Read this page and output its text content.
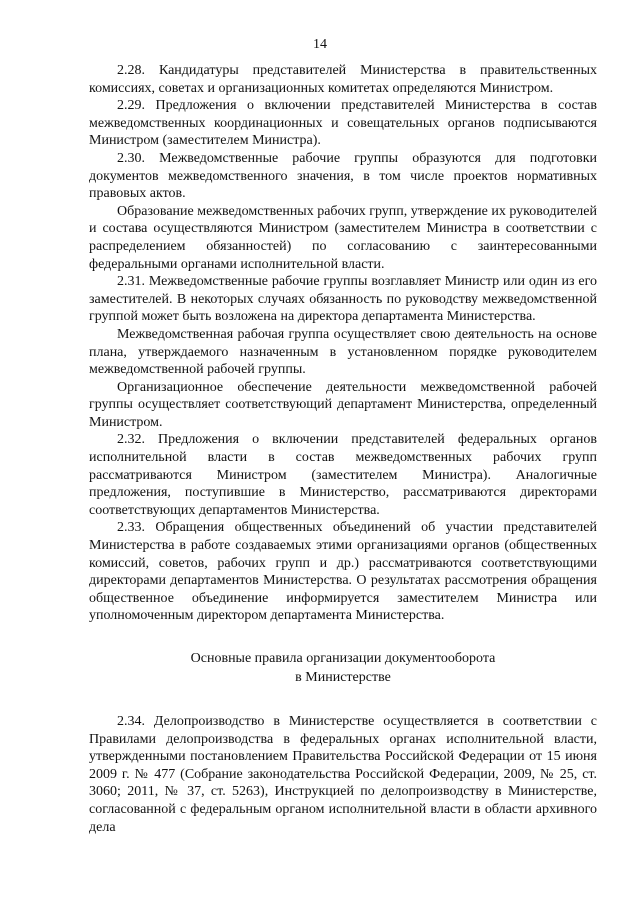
14

2.28. Кандидатуры представителей Министерства в правительственных комиссиях, советах и организационных комитетах определяются Министром.

2.29. Предложения о включении представителей Министерства в состав межведомственных координационных и совещательных органов подписываются Министром (заместителем Министра).

2.30. Межведомственные рабочие группы образуются для подготовки документов межведомственного значения, в том числе проектов нормативных правовых актов.

Образование межведомственных рабочих групп, утверждение их руководителей и состава осуществляются Министром (заместителем Министра в соответствии с распределением обязанностей) по согласованию с заинтересованными федеральными органами исполнительной власти.

2.31. Межведомственные рабочие группы возглавляет Министр или один из его заместителей. В некоторых случаях обязанность по руководству межведомственной группой может быть возложена на директора департамента Министерства.

Межведомственная рабочая группа осуществляет свою деятельность на основе плана, утверждаемого назначенным в установленном порядке руководителем межведомственной рабочей группы.

Организационное обеспечение деятельности межведомственной рабочей группы осуществляет соответствующий департамент Министерства, определенный Министром.

2.32. Предложения о включении представителей федеральных органов исполнительной власти в состав межведомственных рабочих групп рассматриваются Министром (заместителем Министра). Аналогичные предложения, поступившие в Министерство, рассматриваются директорами соответствующих департаментов Министерства.

2.33. Обращения общественных объединений об участии представителей Министерства в работе создаваемых этими организациями органов (общественных комиссий, советов, рабочих групп и др.) рассматриваются соответствующими директорами департаментов Министерства. О результатах рассмотрения обращения общественное объединение информируется заместителем Министра или уполномоченным директором департамента Министерства.

Основные правила организации документооборота
в Министерстве

2.34. Делопроизводство в Министерстве осуществляется в соответствии с Правилами делопроизводства в федеральных органах исполнительной власти, утвержденными постановлением Правительства Российской Федерации от 15 июня 2009 г. № 477 (Собрание законодательства Российской Федерации, 2009, № 25, ст. 3060; 2011, № 37, ст. 5263), Инструкцией по делопроизводству в Министерстве, согласованной с федеральным органом исполнительной власти в области архивного дела
